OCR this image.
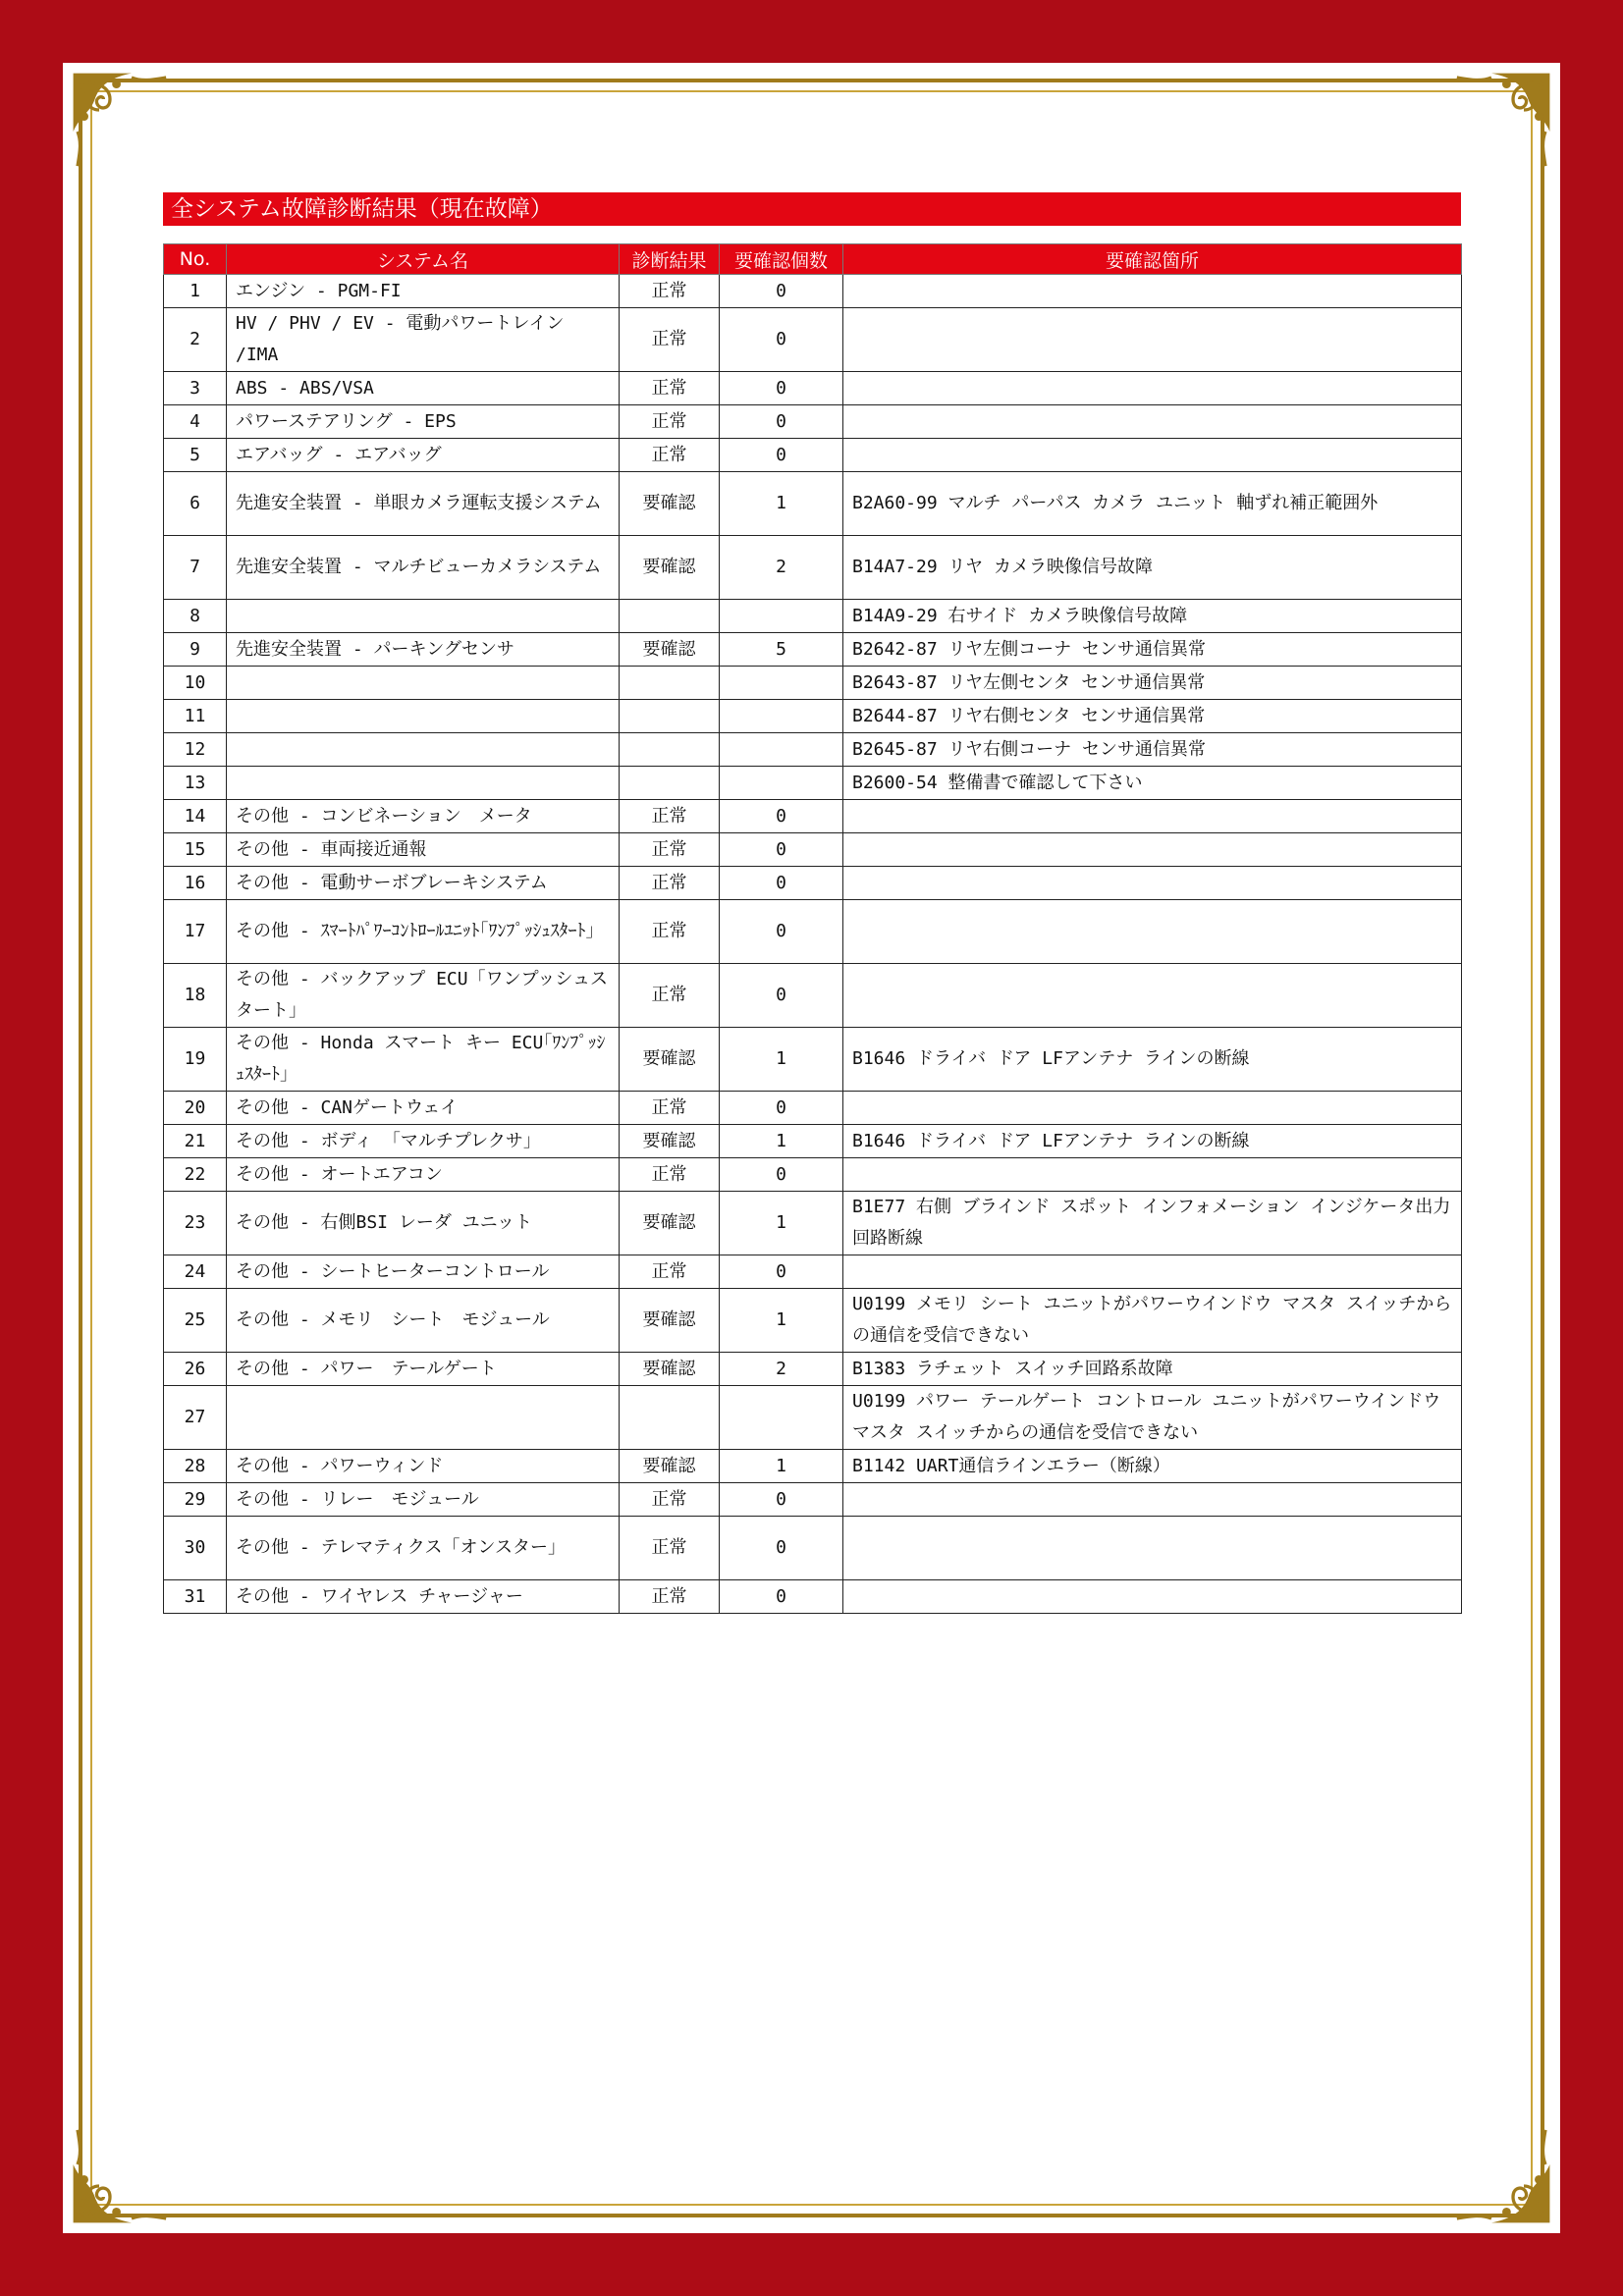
全システム故障診断結果（現在故障）
No.	システム名	診断結果	要確認個数	要確認箇所
1	エンジン - PGM-FI	正常	0	
2	HV / PHV / EV - 電動パワートレイン /IMA	正常	0	
3	ABS - ABS/VSA	正常	0	
4	パワーステアリング - EPS	正常	0	
5	エアバッグ - エアバッグ	正常	0	
6	先進安全装置 - 単眼カメラ運転支援システム	要確認	1	B2A60-99 マルチ パーパス カメラ ユニット 軸ずれ補正範囲外
7	先進安全装置 - マルチビューカメラシステム	要確認	2	B14A7-29 リヤ カメラ映像信号故障
8				B14A9-29 右サイド カメラ映像信号故障
9	先進安全装置 - パーキングセンサ	要確認	5	B2642-87 リヤ左側コーナ センサ通信異常
10				B2643-87 リヤ左側センタ センサ通信異常
11				B2644-87 リヤ右側センタ センサ通信異常
12				B2645-87 リヤ右側コーナ センサ通信異常
13				B2600-54 整備書で確認して下さい
14	その他 - コンビネーション　メータ	正常	0	
15	その他 - 車両接近通報	正常	0	
16	その他 - 電動サーボブレーキシステム	正常	0	
17	その他 - ｽﾏｰﾄﾊﾟﾜｰｺﾝﾄﾛｰﾙﾕﾆｯﾄ｢ﾜﾝﾌﾟｯｼｭｽﾀｰﾄ｣	正常	0	
18	その他 - バックアップ ECU「ワンプッシュスタート」	正常	0	
19	その他 - Honda スマート キー ECU｢ﾜﾝﾌﾟｯｼｭｽﾀｰﾄ｣	要確認	1	B1646 ドライバ ドア LFアンテナ ラインの断線
20	その他 - CANゲートウェイ	正常	0	
21	その他 - ボディ 「マルチプレクサ」	要確認	1	B1646 ドライバ ドア LFアンテナ ラインの断線
22	その他 - オートエアコン	正常	0	
23	その他 - 右側BSI レーダ ユニット	要確認	1	B1E77 右側 ブラインド スポット インフォメーション インジケータ出力回路断線
24	その他 - シートヒーターコントロール	正常	0	
25	その他 - メモリ　シート　モジュール	要確認	1	U0199 メモリ シート ユニットがパワーウインドウ マスタ スイッチからの通信を受信できない
26	その他 - パワー　テールゲート	要確認	2	B1383 ラチェット スイッチ回路系故障
27				U0199 パワー テールゲート コントロール ユニットがパワーウインドウ マスタ スイッチからの通信を受信できない
28	その他 - パワーウィンド	要確認	1	B1142 UART通信ラインエラー（断線）
29	その他 - リレー　モジュール	正常	0	
30	その他 - テレマティクス「オンスター」	正常	0	
31	その他 - ワイヤレス チャージャー	正常	0	
